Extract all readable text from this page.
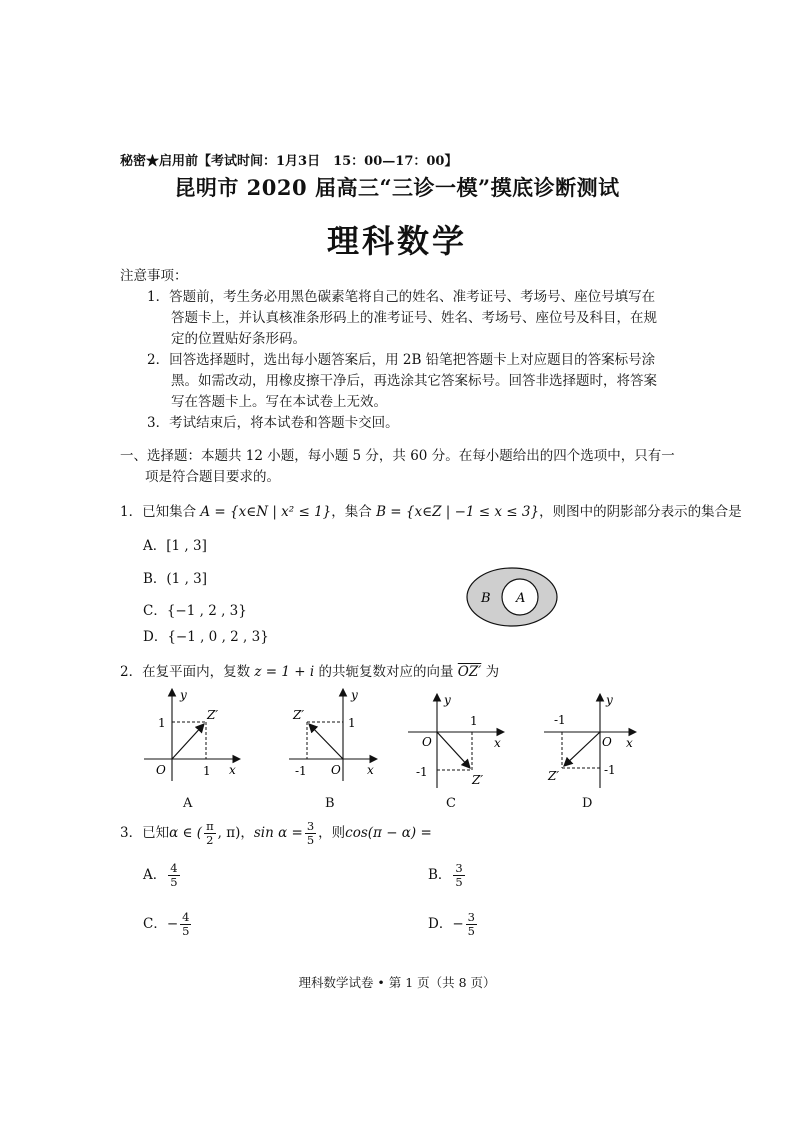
秘密★启用前【考试时间：1月3日　15：00—17：00】
昆明市 2020 届高三“三诊一模”摸底诊断测试
理科数学
注意事项：
1．答题前，考生务必用黑色碳素笔将自己的姓名、准考证号、考场号、座位号填写在
答题卡上，并认真核准条形码上的准考证号、姓名、考场号、座位号及科目，在规
定的位置贴好条形码。
2．回答选择题时，选出每小题答案后，用 2B 铅笔把答题卡上对应题目的答案标号涂
黑。如需改动，用橡皮擦干净后，再选涂其它答案标号。回答非选择题时，将答案
写在答题卡上。写在本试卷上无效。
3．考试结束后，将本试卷和答题卡交回。
一、选择题：本题共 12 小题，每小题 5 分，共 60 分。在每小题给出的四个选项中，只有一
项是符合题目要求的。
1．已知集合 A = {x∈N | x² ≤ 1}，集合 B = {x∈Z | −1 ≤ x ≤ 3}，则图中的阴影部分表示的集合是
A．[1 , 3]
B．(1 , 3]
C．{−1 , 2 , 3}
D．{−1 , 0 , 2 , 3}
B A
2．在复平面内，复数 z = 1 + i 的共轭复数对应的向量 OZ′ 为
y
x
O
1
1
Z′
A
y
x
O
1
-1
Z′
B
y
x
O
1
-1
Z′
C
y
x
O
-1
-1
Z′
D
3．已知 α ∈ ( $\frac{\pi}{2}$ , π) ， $\sin \alpha = \frac{3}{5}$ ，则 cos(π − α) =
A． $\frac{4}{5}$	B． $\frac{3}{5}$
C．− $\frac{4}{5}$	D．− $\frac{3}{5}$
理科数学试卷 • 第 1 页（共 8 页）
